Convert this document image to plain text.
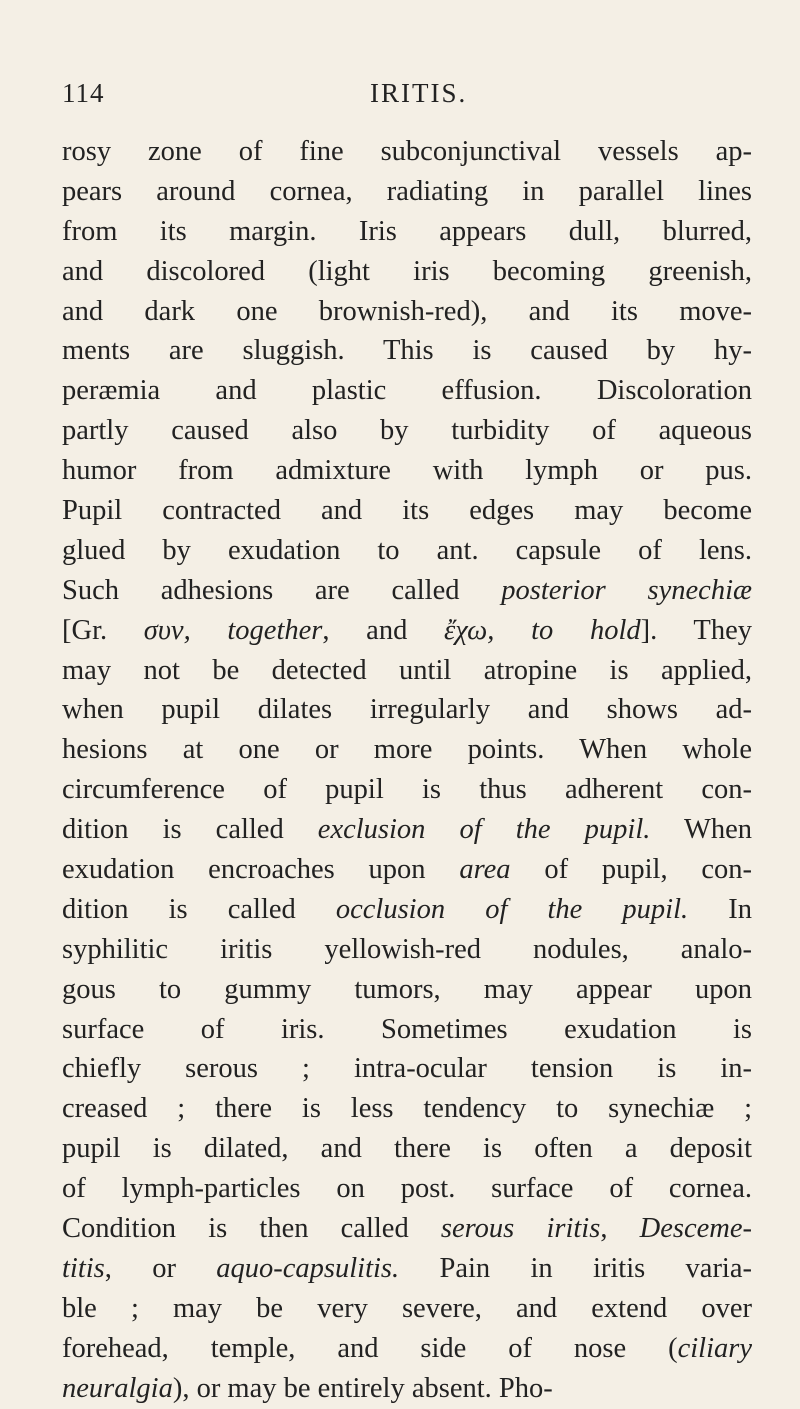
114	IRITIS.
rosy zone of fine subconjunctival vessels ap-
pears around cornea, radiating in parallel lines
from its margin. Iris appears dull, blurred,
and discolored (light iris becoming greenish,
and dark one brownish-red), and its move-
ments are sluggish. This is caused by hy-
peræmia and plastic effusion. Discoloration
partly caused also by turbidity of aqueous
humor from admixture with lymph or pus.
Pupil contracted and its edges may become
glued by exudation to ant. capsule of lens.
Such adhesions are called posterior synechiæ
[Gr. συν, together, and ἔχω, to hold]. They
may not be detected until atropine is applied,
when pupil dilates irregularly and shows ad-
hesions at one or more points. When whole
circumference of pupil is thus adherent con-
dition is called exclusion of the pupil. When
exudation encroaches upon area of pupil, con-
dition is called occlusion of the pupil. In
syphilitic iritis yellowish-red nodules, analo-
gous to gummy tumors, may appear upon
surface of iris. Sometimes exudation is
chiefly serous ; intra-ocular tension is in-
creased ; there is less tendency to synechiæ ;
pupil is dilated, and there is often a deposit
of lymph-particles on post. surface of cornea.
Condition is then called serous iritis, Desceme-
titis, or aquo-capsulitis. Pain in iritis varia-
ble ; may be very severe, and extend over
forehead, temple, and side of nose (ciliary
neuralgia), or may be entirely absent. Pho-
